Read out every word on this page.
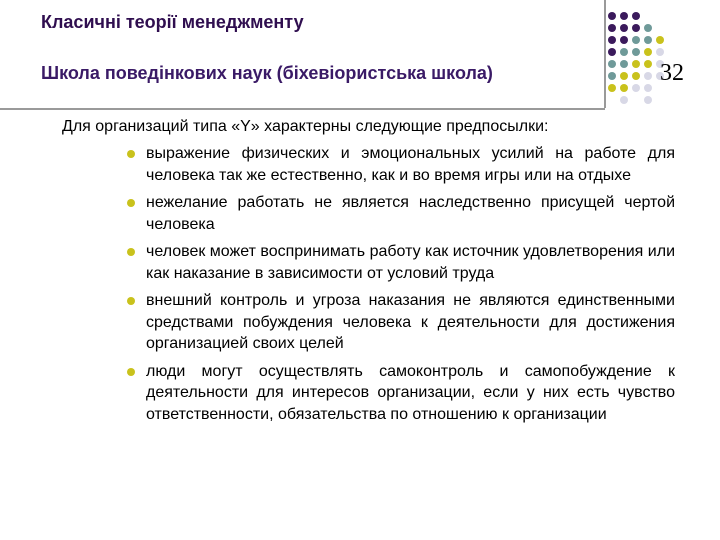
Класичні теорії менеджменту
Школа поведінкових наук (біхевіористська школа)	32

Для организаций типа «Y» характерны следующие предпосылки:

выражение физических и эмоциональных усилий на работе для человека так же естественно, как и во время игры или на отдыхе
нежелание работать не является наследственно присущей чертой человека
человек может воспринимать работу как источник удовлетворения или как наказание в зависимости от условий труда
внешний контроль и угроза наказания не являются единственными средствами побуждения человека к деятельности для достижения организацией своих целей
люди могут осуществлять самоконтроль и самопобуждение к деятельности для интересов организации, если у них есть чувство ответственности, обязательства по отношению к организации
